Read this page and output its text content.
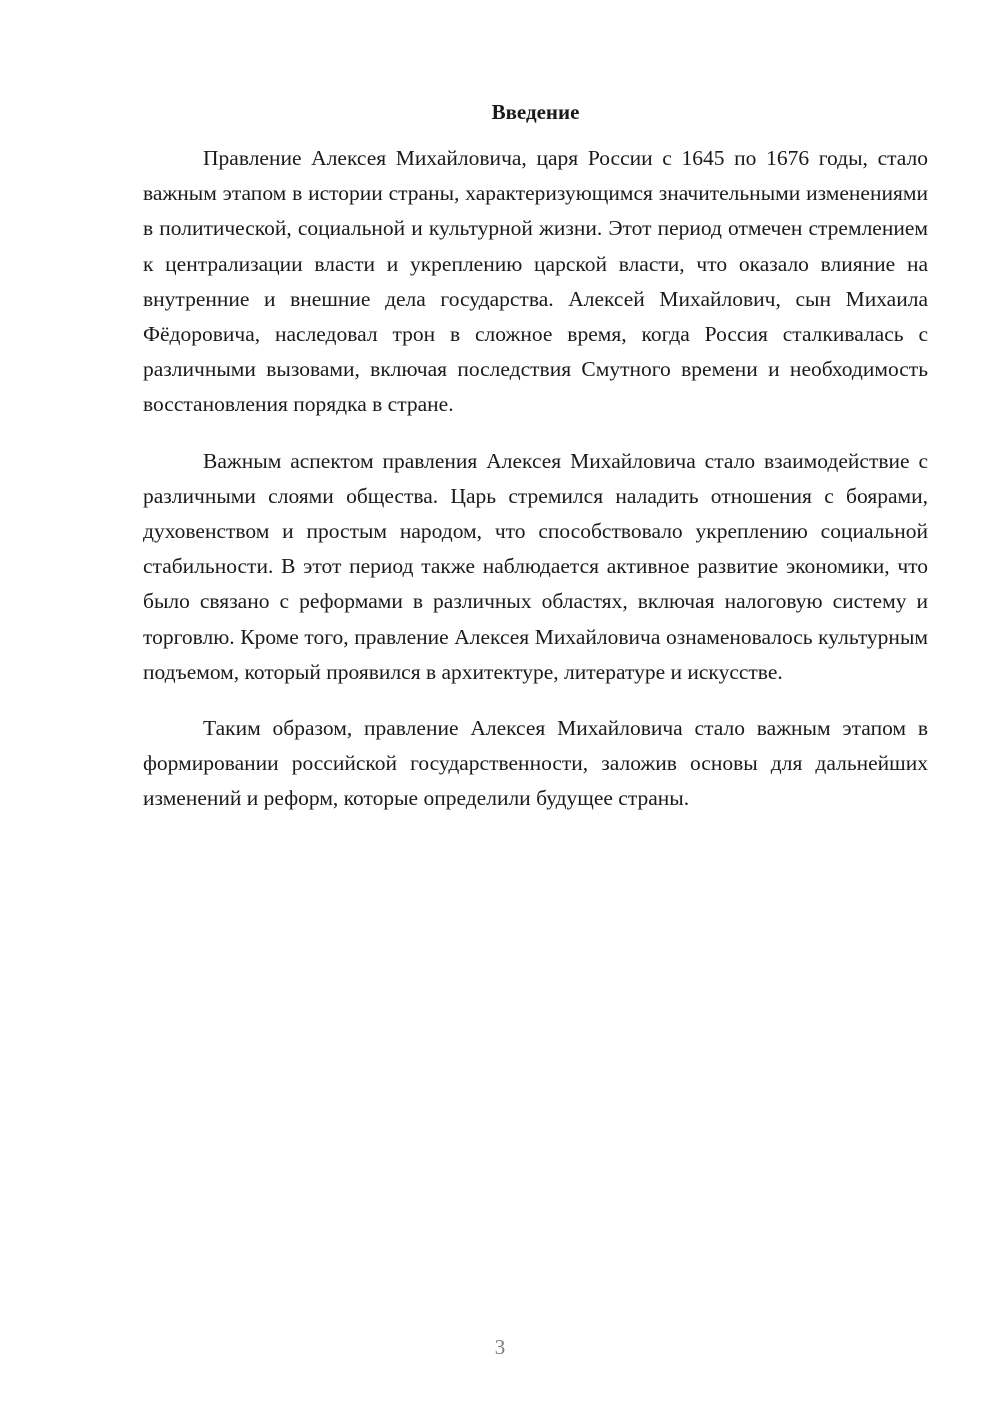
Введение

Правление Алексея Михайловича, царя России с 1645 по 1676 годы, стало важным этапом в истории страны, характеризующимся значительными изменениями в политической, социальной и культурной жизни. Этот период отмечен стремлением к централизации власти и укреплению царской власти, что оказало влияние на внутренние и внешние дела государства. Алексей Михайлович, сын Михаила Фёдоровича, наследовал трон в сложное время, когда Россия сталкивалась с различными вызовами, включая последствия Смутного времени и необходимость восстановления порядка в стране.

Важным аспектом правления Алексея Михайловича стало взаимодействие с различными слоями общества. Царь стремился наладить отношения с боярами, духовенством и простым народом, что способствовало укреплению социальной стабильности. В этот период также наблюдается активное развитие экономики, что было связано с реформами в различных областях, включая налоговую систему и торговлю. Кроме того, правление Алексея Михайловича ознаменовалось культурным подъемом, который проявился в архитектуре, литературе и искусстве.

Таким образом, правление Алексея Михайловича стало важным этапом в формировании российской государственности, заложив основы для дальнейших изменений и реформ, которые определили будущее страны.

3
